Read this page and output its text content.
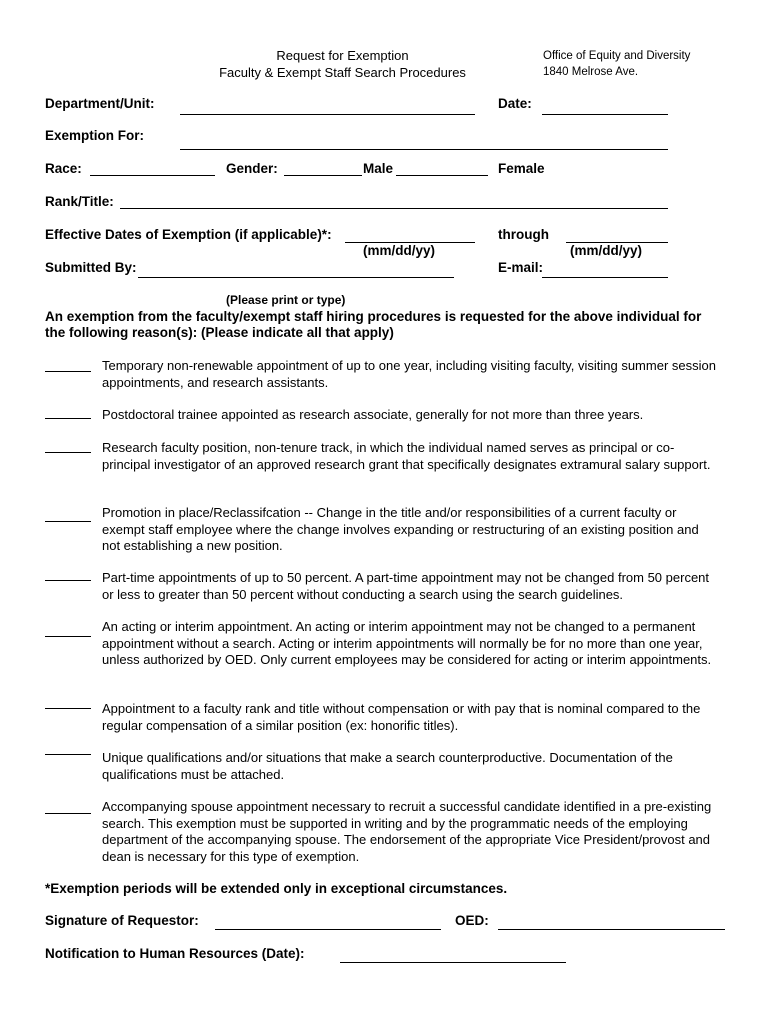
Request for Exemption
Faculty & Exempt Staff Search Procedures
Office of Equity and Diversity
1840 Melrose Ave.
Department/Unit:	Date:
Exemption For:
Race:	Gender:	Male	Female
Rank/Title:
Effective Dates of Exemption (if applicable)*:
(mm/dd/yy)
through
(mm/dd/yy)
Submitted By:	E-mail:
(Please print or type)
An exemption from the faculty/exempt staff hiring procedures is requested for the above individual for the following reason(s): (Please indicate all that apply)
Temporary non-renewable appointment of up to one year, including visiting faculty, visiting summer session appointments, and research assistants.
Postdoctoral trainee appointed as research associate, generally for not more than three years.
Research faculty position, non-tenure track, in which the individual named serves as principal or co-principal investigator of an approved research grant that specifically designates extramural salary support.
Promotion in place/Reclassifcation -- Change in the title and/or responsibilities of a current faculty or exempt staff employee where the change involves expanding or restructuring of an existing position and not establishing a new position.
Part-time appointments of up to 50 percent. A part-time appointment may not be changed from 50 percent or less to greater than 50 percent without conducting a search using the search guidelines.
An acting or interim appointment. An acting or interim appointment may not be changed to a permanent appointment without a search. Acting or interim appointments will normally be for no more than one year, unless authorized by OED. Only current employees may be considered for acting or interim appointments.
Appointment to a faculty rank and title without compensation or with pay that is nominal compared to the regular compensation of a similar position (ex: honorific titles).
Unique qualifications and/or situations that make a search counterproductive. Documentation of the qualifications must be attached.
Accompanying spouse appointment necessary to recruit a successful candidate identified in a pre-existing search. This exemption must be supported in writing and by the programmatic needs of the employing department of the accompanying spouse. The endorsement of the appropriate Vice President/provost and dean is necessary for this type of exemption.
*Exemption periods will be extended only in exceptional circumstances.
Signature of Requestor:	OED:
Notification to Human Resources (Date):
